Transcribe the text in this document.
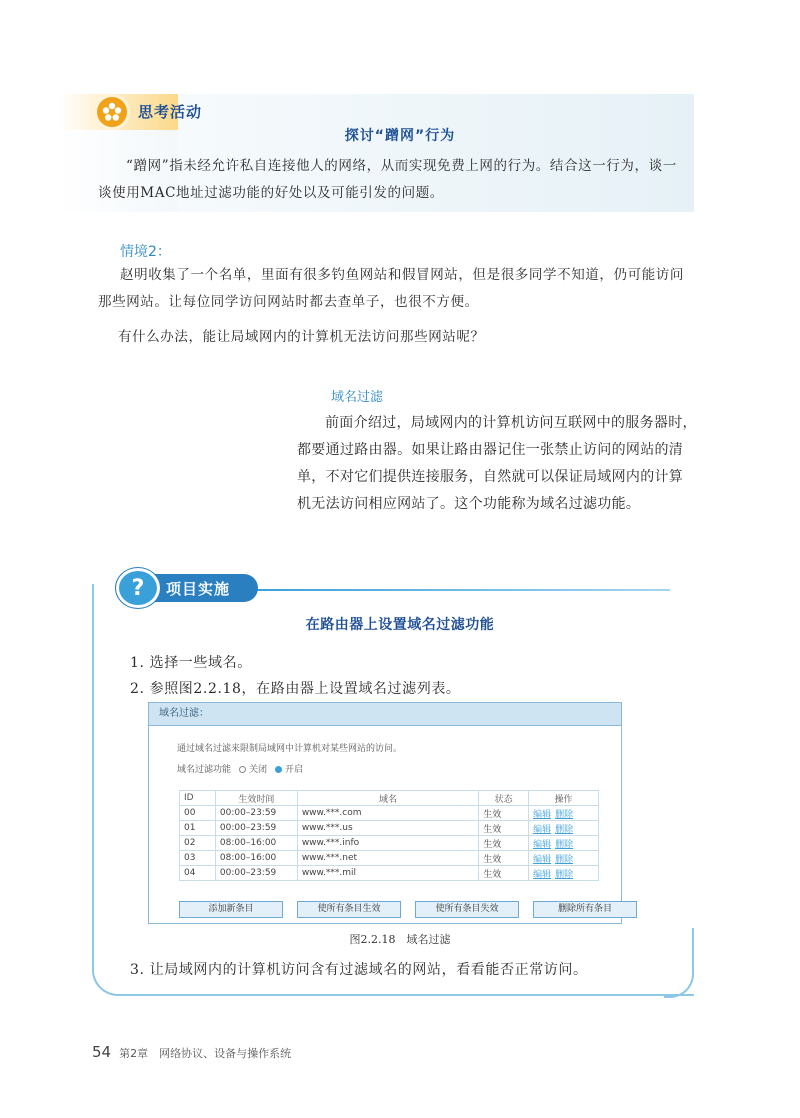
思考活动
探讨“蹭网”行为
“蹭网”指未经允许私自连接他人的网络，从而实现免费上网的行为。结合这一行为，谈一谈使用MAC地址过滤功能的好处以及可能引发的问题。
情境2：
赵明收集了一个名单，里面有很多钓鱼网站和假冒网站，但是很多同学不知道，仍可能访问那些网站。让每位同学访问网站时都去查单子，也很不方便。
有什么办法，能让局域网内的计算机无法访问那些网站呢？
域名过滤
前面介绍过，局域网内的计算机访问互联网中的服务器时，都要通过路由器。如果让路由器记住一张禁止访问的网站的清单，不对它们提供连接服务，自然就可以保证局域网内的计算机无法访问相应网站了。这个功能称为域名过滤功能。
?	项目实施
在路由器上设置域名过滤功能
1. 选择一些域名。
2. 参照图2.2.18，在路由器上设置域名过滤列表。
域名过滤：
通过域名过滤来限制局域网中计算机对某些网站的访问。
域名过滤功能	关闭	开启
ID	生效时间	域名	状态	操作
00	00:00–23:59	www.***.com	生效	编辑 删除
01	00:00–23:59	www.***.us	生效	编辑 删除
02	08:00–16:00	www.***.info	生效	编辑 删除
03	08:00–16:00	www.***.net	生效	编辑 删除
04	00:00–23:59	www.***.mil	生效	编辑 删除
添加新条目	使所有条目生效	使所有条目失效	删除所有条目
图2.2.18　域名过滤
3. 让局域网内的计算机访问含有过滤域名的网站，看看能否正常访问。
54 第2章　网络协议、设备与操作系统
